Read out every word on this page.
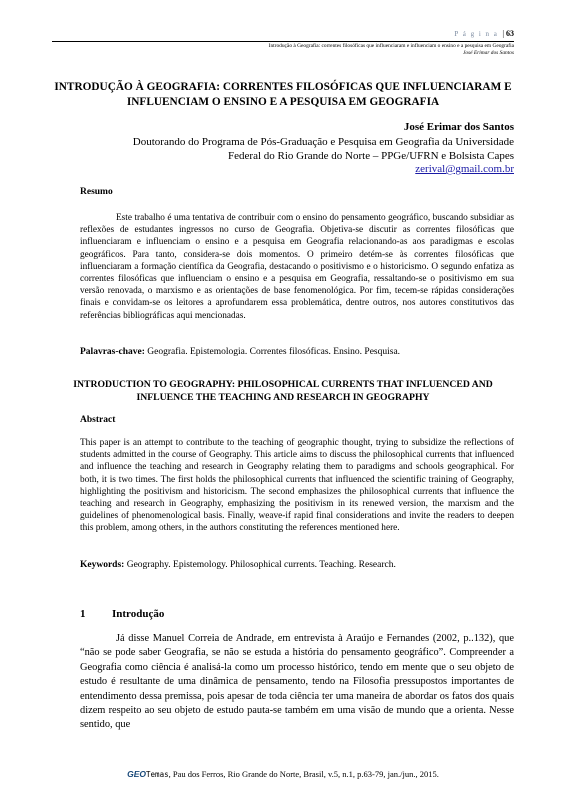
P á g i n a  | 63
Introdução à Geografia: correntes filosóficas que influenciaram e influenciam o ensino e a pesquisa em Geografia
José Erimar dos Santos
INTRODUÇÃO À GEOGRAFIA: CORRENTES FILOSÓFICAS QUE INFLUENCIARAM E INFLUENCIAM O ENSINO E A PESQUISA EM GEOGRAFIA
José Erimar dos Santos
Doutorando do Programa de Pós-Graduação e Pesquisa em Geografia da Universidade
Federal do Rio Grande do Norte – PPGe/UFRN e Bolsista Capes
zerival@gmail.com.br
Resumo

Este trabalho é uma tentativa de contribuir com o ensino do pensamento geográfico, buscando subsidiar as reflexões de estudantes ingressos no curso de Geografia. Objetiva-se discutir as correntes filosóficas que influenciaram e influenciam o ensino e a pesquisa em Geografia relacionando-as aos paradigmas e escolas geográficos. Para tanto, considera-se dois momentos. O primeiro detém-se às correntes filosóficas que influenciaram a formação científica da Geografia, destacando o positivismo e o historicismo. O segundo enfatiza as correntes filosóficas que influenciam o ensino e a pesquisa em Geografia, ressaltando-se o positivismo em sua versão renovada, o marxismo e as orientações de base fenomenológica. Por fim, tecem-se rápidas considerações finais e convidam-se os leitores a aprofundarem essa problemática, dentre outros, nos autores constitutivos das referências bibliográficas aqui mencionadas.

Palavras-chave: Geografia. Epistemologia. Correntes filosóficas. Ensino. Pesquisa.
INTRODUCTION TO GEOGRAPHY: PHILOSOPHICAL CURRENTS THAT INFLUENCED AND INFLUENCE THE TEACHING AND RESEARCH IN GEOGRAPHY
Abstract
This paper is an attempt to contribute to the teaching of geographic thought, trying to subsidize the reflections of students admitted in the course of Geography. This article aims to discuss the philosophical currents that influenced and influence the teaching and research in Geography relating them to paradigms and schools geographical. For both, it is two times. The first holds the philosophical currents that influenced the scientific training of Geography, highlighting the positivism and historicism. The second emphasizes the philosophical currents that influence the teaching and research in Geography, emphasizing the positivism in its renewed version, the marxism and the guidelines of phenomenological basis. Finally, weave-if rapid final considerations and invite the readers to deepen this problem, among others, in the authors constituting the references mentioned here.
Keywords: Geography. Epistemology. Philosophical currents. Teaching. Research.
1 Introdução

Já disse Manuel Correia de Andrade, em entrevista à Araújo e Fernandes (2002, p..132), que “não se pode saber Geografia, se não se estuda a história do pensamento geográfico”. Compreender a Geografia como ciência é analisá-la como um processo histórico, tendo em mente que o seu objeto de estudo é resultante de uma dinâmica de pensamento, tendo na Filosofia pressupostos importantes de entendimento dessa premissa, pois apesar de toda ciência ter uma maneira de abordar os fatos dos quais dizem respeito ao seu objeto de estudo pauta-se também em uma visão de mundo que a orienta. Nesse sentido, que

GEOTemas, Pau dos Ferros, Rio Grande do Norte, Brasil, v.5, n.1, p.63-79, jan./jun., 2015.
